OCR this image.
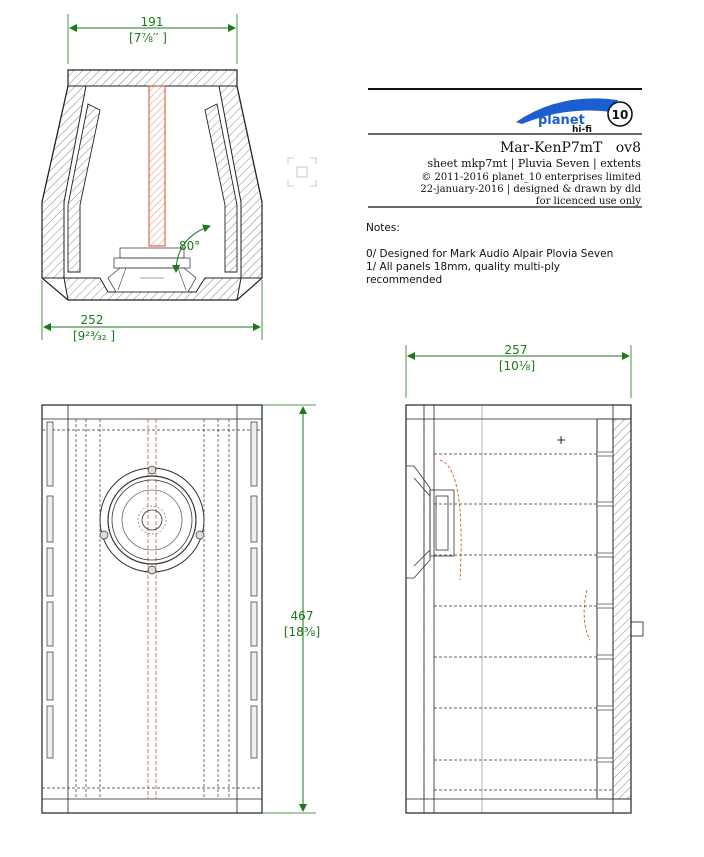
191
[7⅞′′ ]
80°
252
[9²³⁄₃₂ ]
467
[18⅜]
257
[10⅛]
+
planet 10
hi-fi
Mar-KenP7mT   ov8
sheet mkp7mt | Pluvia Seven | extents
© 2011-2016 planet_10 enterprises limited
22-january-2016 | designed & drawn by dld
for licenced use only
Notes:
0/ Designed for Mark Audio Alpair Plovia Seven
1/ All panels 18mm, quality multi-ply
recommended
